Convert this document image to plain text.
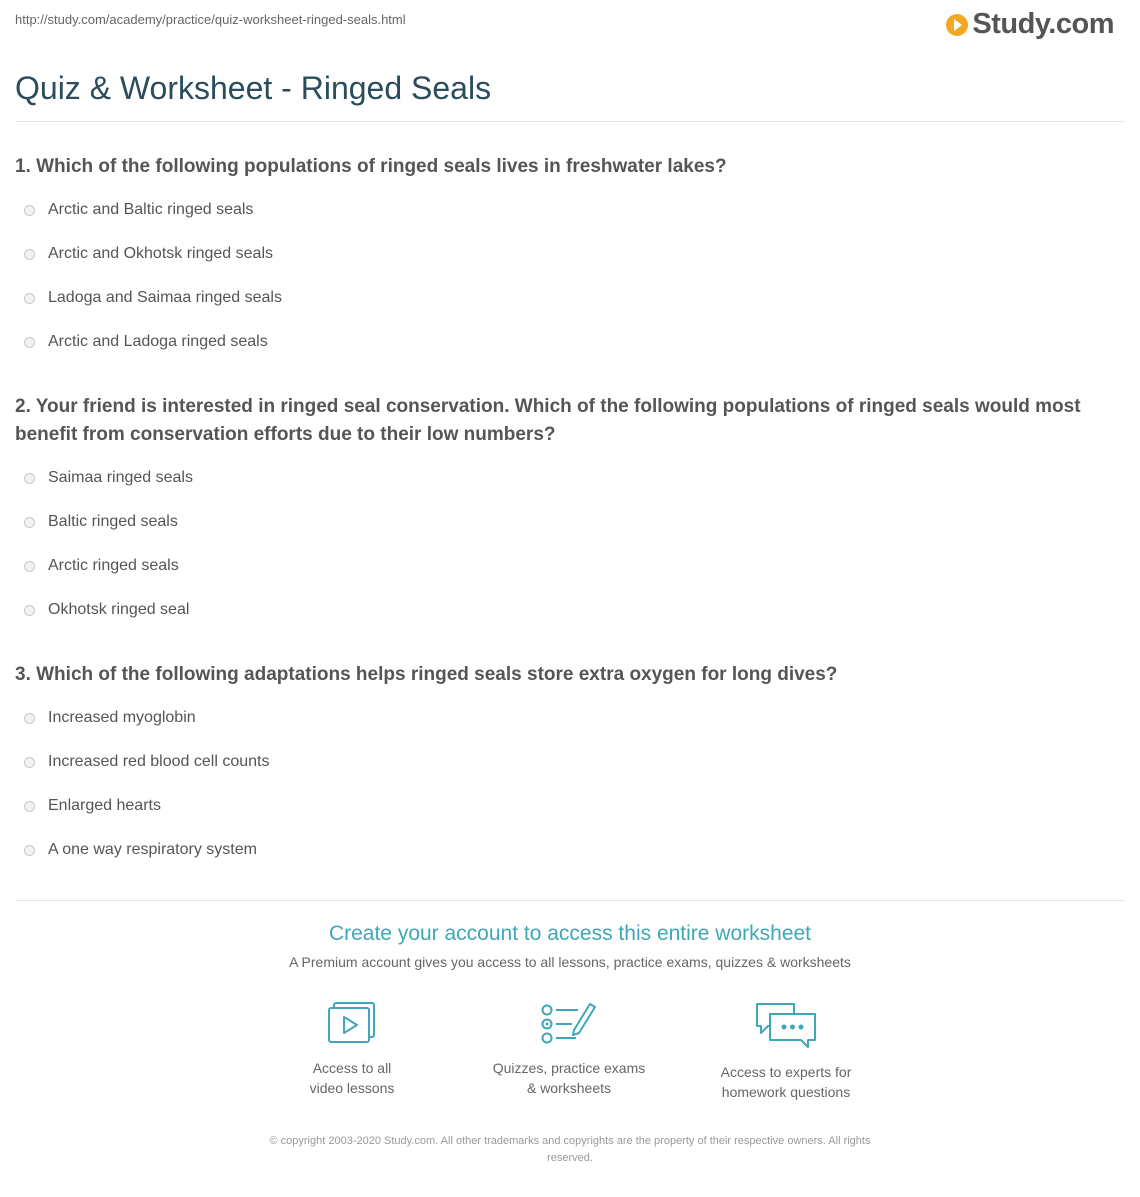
http://study.com/academy/practice/quiz-worksheet-ringed-seals.html	Study.com
Quiz & Worksheet - Ringed Seals

1. Which of the following populations of ringed seals lives in freshwater lakes?

Arctic and Baltic ringed seals
Arctic and Okhotsk ringed seals
Ladoga and Saimaa ringed seals
Arctic and Ladoga ringed seals

2. Your friend is interested in ringed seal conservation. Which of the following populations of ringed seals would most benefit from conservation efforts due to their low numbers?

Saimaa ringed seals
Baltic ringed seals
Arctic ringed seals
Okhotsk ringed seal

3. Which of the following adaptations helps ringed seals store extra oxygen for long dives?

Increased myoglobin
Increased red blood cell counts
Enlarged hearts
A one way respiratory system
Create your account to access this entire worksheet
A Premium account gives you access to all lessons, practice exams, quizzes & worksheets
Access to all
video lessons
Quizzes, practice exams
& worksheets
Access to experts for
homework questions
© copyright 2003-2020 Study.com. All other trademarks and copyrights are the property of their respective owners. All rights
reserved.
